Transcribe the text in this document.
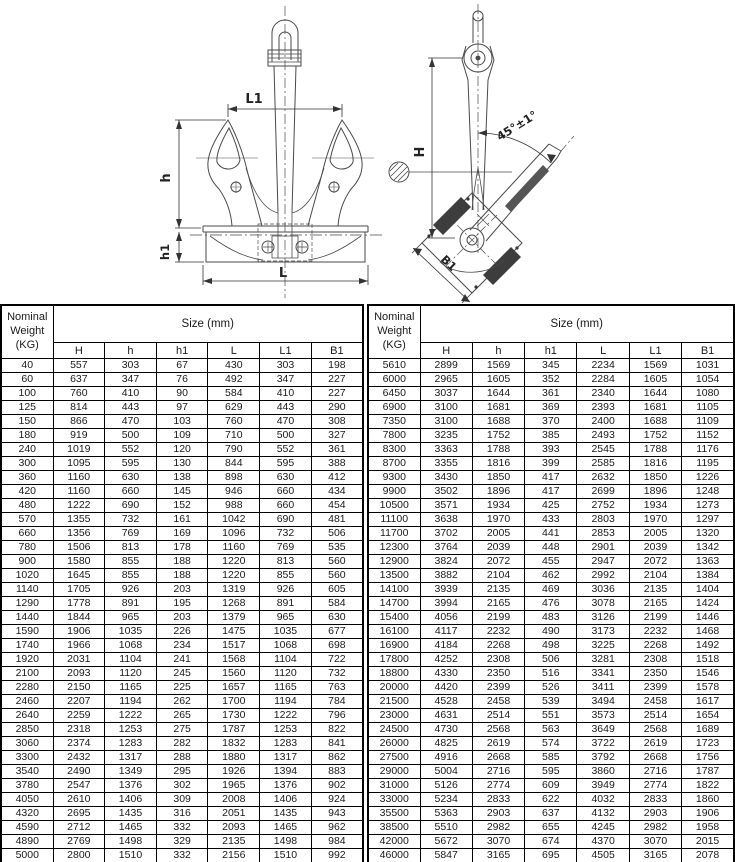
L1
h
h1
L
H
45°±1°
B1
Nominal
Weight
(KG)	Size (mm)					
	H	h	h1	L	L1	B1
40	557	303	67	430	303	198
60	637	347	76	492	347	227
100	760	410	90	584	410	227
125	814	443	97	629	443	290
150	866	470	103	760	470	308
180	919	500	109	710	500	327
240	1019	552	120	790	552	361
300	1095	595	130	844	595	388
360	1160	630	138	898	630	412
420	1160	660	145	946	660	434
480	1222	690	152	988	660	454
570	1355	732	161	1042	690	481
660	1356	769	169	1096	732	506
780	1506	813	178	1160	769	535
900	1580	855	188	1220	813	560
1020	1645	855	188	1220	855	560
1140	1705	926	203	1319	926	605
1290	1778	891	195	1268	891	584
1440	1844	965	203	1379	965	630
1590	1906	1035	226	1475	1035	677
1740	1966	1068	234	1517	1068	698
1920	2031	1104	241	1568	1104	722
2100	2093	1120	245	1560	1120	732
2280	2150	1165	225	1657	1165	763
2460	2207	1194	262	1700	1194	784
2640	2259	1222	265	1730	1222	796
2850	2318	1253	275	1787	1253	822
3060	2374	1283	282	1832	1283	841
3300	2432	1317	288	1880	1317	862
3540	2490	1349	295	1926	1394	883
3780	2547	1376	302	1965	1376	902
4050	2610	1406	309	2008	1406	924
4320	2695	1435	316	2051	1435	943
4590	2712	1465	332	2093	1465	962
4890	2769	1498	329	2135	1498	984
5000	2800	1510	332	2156	1510	992
Nominal
Weight
(KG)	Size (mm)					
	H	h	h1	L	L1	B1
5610	2899	1569	345	2234	1569	1031
6000	2965	1605	352	2284	1605	1054
6450	3037	1644	361	2340	1644	1080
6900	3100	1681	369	2393	1681	1105
7350	3100	1688	370	2400	1688	1109
7800	3235	1752	385	2493	1752	1152
8300	3363	1788	393	2545	1788	1176
8700	3355	1816	399	2585	1816	1195
9300	3430	1850	417	2632	1850	1226
9900	3502	1896	417	2699	1896	1248
10500	3571	1934	425	2752	1934	1273
11100	3638	1970	433	2803	1970	1297
11700	3702	2005	441	2853	2005	1320
12300	3764	2039	448	2901	2039	1342
12900	3824	2072	455	2947	2072	1363
13500	3882	2104	462	2992	2104	1384
14100	3939	2135	469	3036	2135	1404
14700	3994	2165	476	3078	2165	1424
15400	4056	2199	483	3126	2199	1446
16100	4117	2232	490	3173	2232	1468
16900	4184	2268	498	3225	2268	1492
17800	4252	2308	506	3281	2308	1518
18800	4330	2350	516	3341	2350	1546
20000	4420	2399	526	3411	2399	1578
21500	4528	2458	539	3494	2458	1617
23000	4631	2514	551	3573	2514	1654
24500	4730	2568	563	3649	2568	1689
26000	4825	2619	574	3722	2619	1723
27500	4916	2668	585	3792	2668	1756
29000	5004	2716	595	3860	2716	1787
31000	5126	2774	609	3949	2774	1822
33000	5234	2833	622	4032	2833	1860
35500	5363	2903	637	4132	2903	1906
38500	5510	2982	655	4245	2982	1958
42000	5672	3070	674	4370	3070	2015
46000	5847	3165	695	4505	3165	2078
